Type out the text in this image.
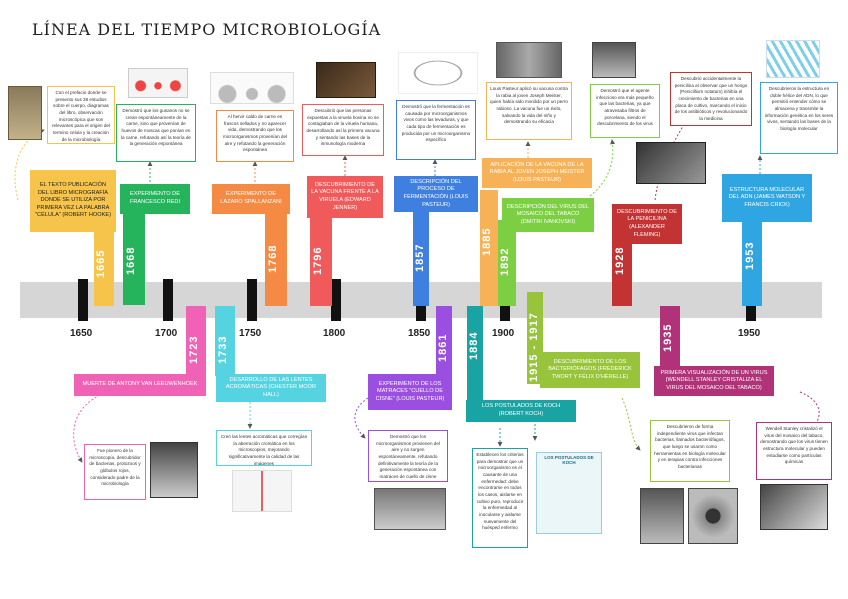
LÍNEA DEL TIEMPO MICROBIOLOGÍA
1650	1700	1750	1800	1850	1900	1950
1665
EL TEXTO PUBLICACIÓN DEL LIBRO MICROGRAFÍA DONDE SE UTILIZA POR PRIMERA VEZ LA PALABRA "CÉLULA" (ROBERT HOOKE)
Con el prefacio donde se presento sus 38 estudios sobre el cuerpo, diagramas del libro, observación microscópica que son relevantes para el origen del termino celula y la creación de la microbiología
1668
EXPERIMENTO DE FRANCESCO REDI
Demostró que los gusanos no se crean espontáneamente de la carne, sino que provenían de huevos de moscas que ponían en la carne, refutando así la teoría de la generación espontánea
1768
EXPERIMENTO DE LÁZARO SPALLANZANI
Al hervir caldo de carne en frascos sellados y no aparecer vida, demostrando que los microorganismos provenían del aire y refutando la generación espontánea
1796
DESCUBRIMIENTO DE LA VACUNA FRENTE A LA VIRUELA (EDWARD JENNER)
Descubrió que las personas expuestas a la viruela bovina no se contagiaban de la viruela humana, desarrollando así la primera vacuna y sentando las bases de la inmunología moderna
1857
DESCRIPCIÓN DEL PROCESO DE FERMENTACIÓN (LOUIS PASTEUR)
Demostró que la fermentación es causada por microorganismos vivos como las levaduras, y que cada tipo de fermentación es producida por un microorganismo específico
1885
APLICACIÓN DE LA VACUNA DE LA RABIA AL JOVEN JOSEPH MEISTER (LOUIS PASTEUR)
Louis Pasteur aplicó su vacuna contra la rabia al joven Joseph Meister, quien había sido mordido por un perro rabioso. La vacuna fue un éxito, salvando la vida del niño y demostrando su eficacia
1892
DESCRIPCIÓN DEL VIRUS DEL MOSAICO DEL TABACO (DMITRI IVANOVSKI)
Demostró que el agente infeccioso era más pequeño que las bacterias, ya que atravesaba filtros de porcelana, siendo el descubrimiento de los virus
1928
DESCUBRIMIENTO DE LA PENICILINA (ALEXANDER FLEMING)
Descubrió accidentalmente la penicilina al observar que un hongo (Penicillium notatum) inhibía el crecimiento de bacterias en una placa de cultivo, marcando el inicio de los antibióticos y revolucionando la medicina
1953
ESTRUCTURA MOLECULAR DEL ADN (JAMES WATSON Y FRANCIS CRICK)
Descubrieron la estructura en doble hélice del ADN, lo que permitió entender cómo se almacena y transmite la información genética en los seres vivos, sentando las bases de la biología molecular
1723
MUERTE DE ANTONY VAN LEEUWENHOEK
Fue pionero de la microscopía, descubridor de bacterias, protozoos y glóbulos rojos, considerado padre de la microbiología
1733
DESARROLLO DE LAS LENTES ACROMÁTICAS (CHESTER MOOR HALL)
Creó las lentes acromáticas que corregían la aberración cromática en los microscopios, mejorando significativamente la calidad de las imágenes
1861
EXPERIMENTO DE LOS MATRACES "CUELLO DE CISNE" (LOUIS PASTEUR)
Demostró que los microorganismos provienen del aire y no surgen espontáneamente, refutando definitivamente la teoría de la generación espontánea con matraces de cuello de cisne
1884
LOS POSTULADOS DE KOCH (ROBERT KOCH)
Establecen los criterios para demostrar que un microorganismo es el causante de una enfermedad: debe encontrarse en todos los casos, aislarse en cultivo puro, reproducir la enfermedad al inocularse y aislarse nuevamente del huésped enfermo
LOS POSTULADOS DE KOCH
1915 - 1917	DESCUBRIMIENTO DE LOS BACTERIÓFAGOS (FREDERICK TWORT Y FÉLIX D'HÉRELLE)
1935
PRIMERA VISUALIZACIÓN DE UN VIRUS (WENDELL STANLEY CRISTALIZA EL VIRUS DEL MOSAICO DEL TABACO)
Descubrieron de forma independiente virus que infectan bacterias, llamados bacteriófagos, que luego se usaron como herramientas en biología molecular y en terapias contra infecciones bacterianas
Wendell Stanley cristalizó el virus del mosaico del tabaco, demostrando que los virus tienen estructura molecular y pueden estudiarse como partículas químicas
